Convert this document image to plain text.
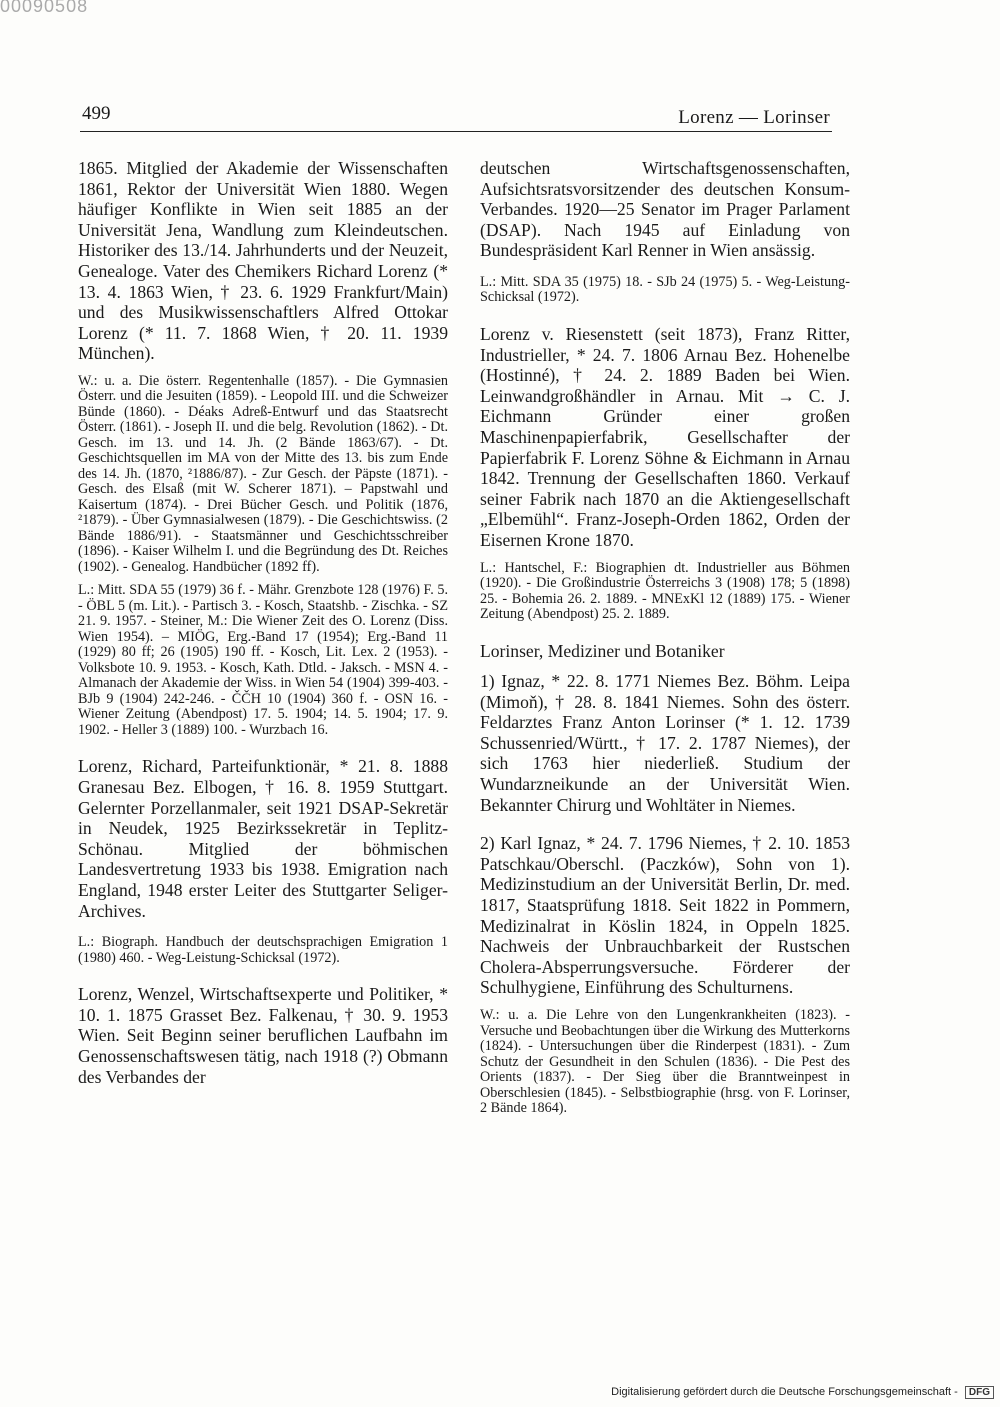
00090508
499	Lorenz — Lorinser

1865. Mitglied der Akademie der Wissenschaften 1861, Rektor der Universität Wien 1880. Wegen häufiger Konflikte in Wien seit 1885 an der Universität Jena, Wandlung zum Kleindeutschen. Historiker des 13./14. Jahrhunderts und der Neuzeit, Genealoge. Vater des Chemikers Richard Lorenz (* 13. 4. 1863 Wien, † 23. 6. 1929 Frankfurt/Main) und des Musikwissenschaftlers Alfred Ottokar Lorenz (* 11. 7. 1868 Wien, † 20. 11. 1939 München).

W.: u. a. Die österr. Regentenhalle (1857). - Die Gymnasien Österr. und die Jesuiten (1859). - Leopold III. und die Schweizer Bünde (1860). - Déaks Adreß-Entwurf und das Staatsrecht Österr. (1861). - Joseph II. und die belg. Revolution (1862). - Dt. Gesch. im 13. und 14. Jh. (2 Bände 1863/67). - Dt. Geschichtsquellen im MA von der Mitte des 13. bis zum Ende des 14. Jh. (1870, ²1886/87). - Zur Gesch. der Päpste (1871). - Gesch. des Elsaß (mit W. Scherer 1871). – Papstwahl und Kaisertum (1874). - Drei Bücher Gesch. und Politik (1876, ²1879). - Über Gymnasialwesen (1879). - Die Geschichtswiss. (2 Bände 1886/91). - Staatsmänner und Geschichtsschreiber (1896). - Kaiser Wilhelm I. und die Begründung des Dt. Reiches (1902). - Genealog. Handbücher (1892 ff).

L.: Mitt. SDA 55 (1979) 36 f. - Mähr. Grenzbote 128 (1976) F. 5. - ÖBL 5 (m. Lit.). - Partisch 3. - Kosch, Staatshb. - Zischka. - SZ 21. 9. 1957. - Steiner, M.: Die Wiener Zeit des O. Lorenz (Diss. Wien 1954). – MIÖG, Erg.-Band 17 (1954); Erg.-Band 11 (1929) 80 ff; 26 (1905) 190 ff. - Kosch, Lit. Lex. 2 (1953). - Volksbote 10. 9. 1953. - Kosch, Kath. Dtld. - Jaksch. - MSN 4. - Almanach der Akademie der Wiss. in Wien 54 (1904) 399-403. - BJb 9 (1904) 242-246. - ČČH 10 (1904) 360 f. - OSN 16. - Wiener Zeitung (Abendpost) 17. 5. 1904; 14. 5. 1904; 17. 9. 1902. - Heller 3 (1889) 100. - Wurzbach 16.

Lorenz, Richard, Parteifunktionär, * 21. 8. 1888 Granesau Bez. Elbogen, † 16. 8. 1959 Stuttgart. Gelernter Porzellanmaler, seit 1921 DSAP-Sekretär in Neudek, 1925 Bezirkssekretär in Teplitz-Schönau. Mitglied der böhmischen Landesvertretung 1933 bis 1938. Emigration nach England, 1948 erster Leiter des Stuttgarter Seliger-Archives.

L.: Biograph. Handbuch der deutschsprachigen Emigration 1 (1980) 460. - Weg-Leistung-Schicksal (1972).

Lorenz, Wenzel, Wirtschaftsexperte und Politiker, * 10. 1. 1875 Grasset Bez. Falkenau, † 30. 9. 1953 Wien. Seit Beginn seiner beruflichen Laufbahn im Genossenschaftswesen tätig, nach 1918 (?) Obmann des Verbandes der

deutschen Wirtschaftsgenossenschaften, Aufsichtsratsvorsitzender des deutschen Konsum-Verbandes. 1920—25 Senator im Prager Parlament (DSAP). Nach 1945 auf Einladung von Bundespräsident Karl Renner in Wien ansässig.

L.: Mitt. SDA 35 (1975) 18. - SJb 24 (1975) 5. - Weg-Leistung-Schicksal (1972).

Lorenz v. Riesenstett (seit 1873), Franz Ritter, Industrieller, * 24. 7. 1806 Arnau Bez. Hohenelbe (Hostinné), † 24. 2. 1889 Baden bei Wien. Leinwandgroßhändler in Arnau. Mit → C. J. Eichmann Gründer einer großen Maschinenpapierfabrik, Gesellschafter der Papierfabrik F. Lorenz Söhne & Eichmann in Arnau 1842. Trennung der Gesellschaften 1860. Verkauf seiner Fabrik nach 1870 an die Aktiengesellschaft „Elbemühl“. Franz-Joseph-Orden 1862, Orden der Eisernen Krone 1870.

L.: Hantschel, F.: Biographien dt. Industrieller aus Böhmen (1920). - Die Großindustrie Österreichs 3 (1908) 178; 5 (1898) 25. - Bohemia 26. 2. 1889. - MNExKl 12 (1889) 175. - Wiener Zeitung (Abendpost) 25. 2. 1889.

Lorinser, Mediziner und Botaniker

1) Ignaz, * 22. 8. 1771 Niemes Bez. Böhm. Leipa (Mimoň), † 28. 8. 1841 Niemes. Sohn des österr. Feldarztes Franz Anton Lorinser (* 1. 12. 1739 Schussenried/Württ., † 17. 2. 1787 Niemes), der sich 1763 hier niederließ. Studium der Wundarzneikunde an der Universität Wien. Bekannter Chirurg und Wohltäter in Niemes.

2) Karl Ignaz, * 24. 7. 1796 Niemes, † 2. 10. 1853 Patschkau/Oberschl. (Paczków), Sohn von 1). Medizinstudium an der Universität Berlin, Dr. med. 1817, Staatsprüfung 1818. Seit 1822 in Pommern, Medizinalrat in Köslin 1824, in Oppeln 1825. Nachweis der Unbrauchbarkeit der Rustschen Cholera-Absperrungsversuche. Förderer der Schulhygiene, Einführung des Schulturnens.

W.: u. a. Die Lehre von den Lungenkrankheiten (1823). - Versuche und Beobachtungen über die Wirkung des Mutterkorns (1824). - Untersuchungen über die Rinderpest (1831). - Zum Schutz der Gesundheit in den Schulen (1836). - Die Pest des Orients (1837). - Der Sieg über die Branntweinpest in Oberschlesien (1845). - Selbstbiographie (hrsg. von F. Lorinser, 2 Bände 1864).

Digitalisierung gefördert durch die Deutsche Forschungsgemeinschaft - DFG
